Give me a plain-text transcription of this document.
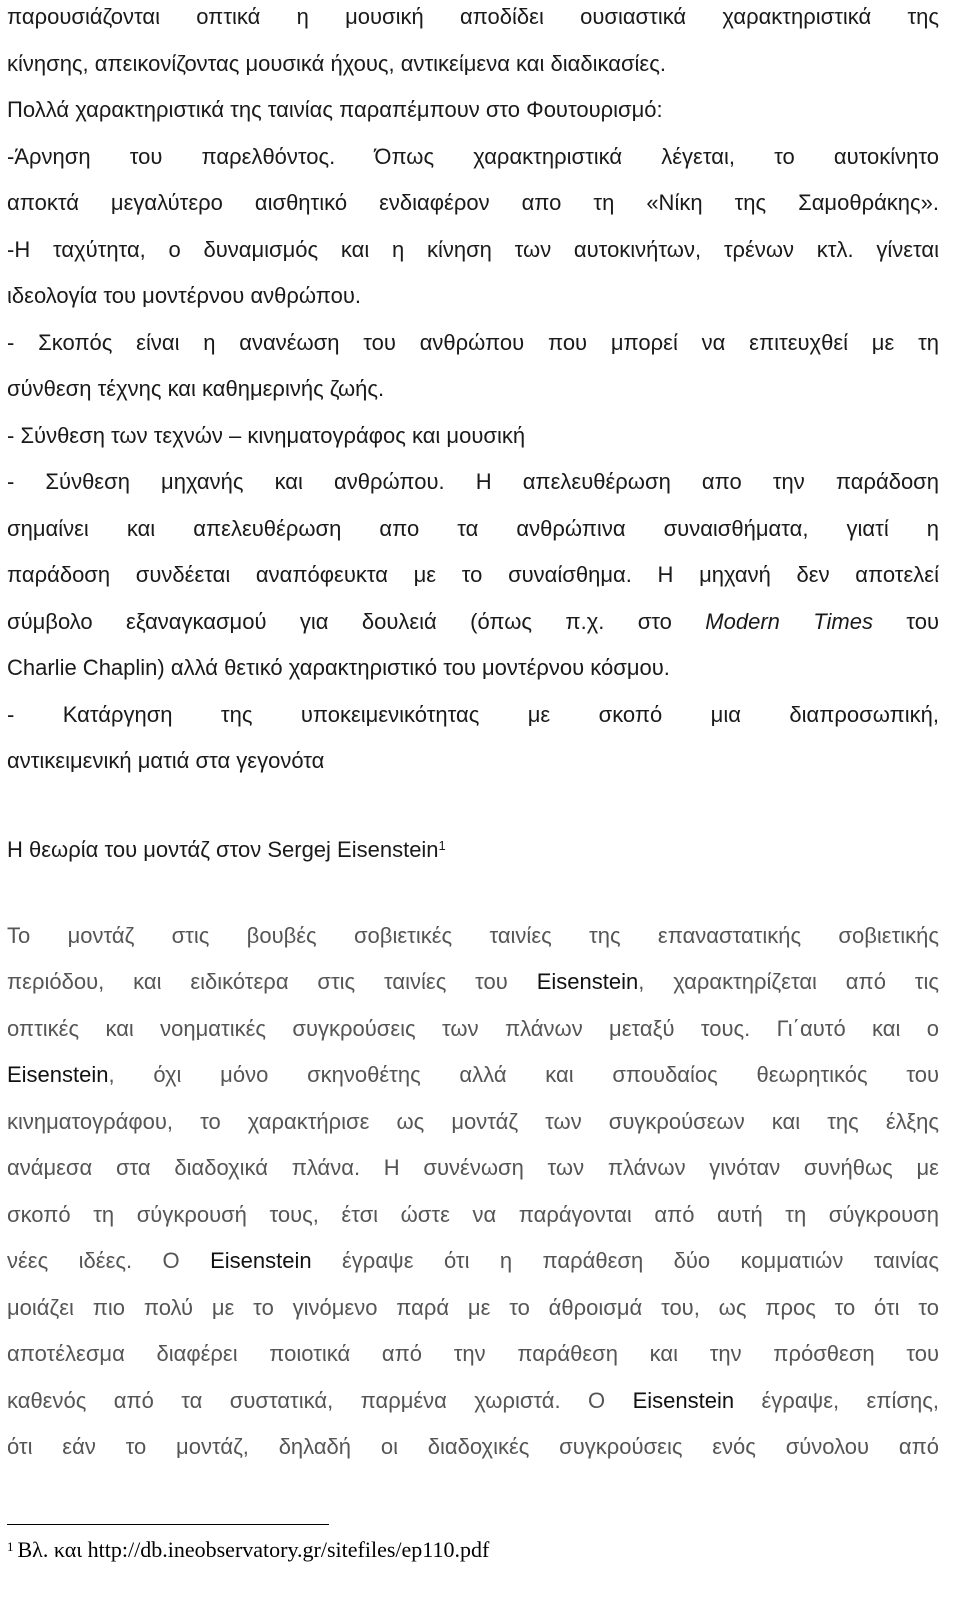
παρουσιάζονται οπτικά η μουσική αποδίδει ουσιαστικά χαρακτηριστικά της
κίνησης, απεικονίζοντας μουσικά ήχους, αντικείμενα και διαδικασίες.
Πολλά χαρακτηριστικά της ταινίας παραπέμπουν στο Φουτουρισμό:
-Άρνηση του παρελθόντος. Όπως χαρακτηριστικά λέγεται, το αυτοκίνητο
αποκτά μεγαλύτερο αισθητικό ενδιαφέρον απο τη «Νίκη της Σαμοθράκης».
-Η ταχύτητα, ο δυναμισμός και η κίνηση των αυτοκινήτων, τρένων κτλ. γίνεται
ιδεολογία του μοντέρνου ανθρώπου.
- Σκοπός είναι η ανανέωση του ανθρώπου που μπορεί να επιτευχθεί με τη
σύνθεση τέχνης και καθημερινής ζωής.
- Σύνθεση των τεχνών – κινηματογράφος και μουσική
- Σύνθεση μηχανής και ανθρώπου. Η απελευθέρωση απο την παράδοση
σημαίνει και απελευθέρωση απο τα ανθρώπινα συναισθήματα, γιατί η
παράδοση συνδέεται αναπόφευκτα με το συναίσθημα. Η μηχανή δεν αποτελεί
σύμβολο εξαναγκασμού για δουλειά (όπως π.χ. στο Modern Times του
Charlie Chaplin) αλλά θετικό χαρακτηριστικό του μοντέρνου κόσμου.
- Κατάργηση της υποκειμενικότητας με σκοπό μια διαπροσωπική,
αντικειμενική ματιά στα γεγονότα
Η θεωρία του μοντάζ στον Sergej Eisenstein$^1$
Το μοντάζ στις βουβές σοβιετικές ταινίες της επαναστατικής σοβιετικής
περιόδου, και ειδικότερα στις ταινίες του Eisenstein, χαρακτηρίζεται από τις
οπτικές και νοηματικές συγκρούσεις των πλάνων μεταξύ τους. Γι΄αυτό και ο
Eisenstein, όχι μόνο σκηνοθέτης αλλά και σπουδαίος θεωρητικός του
κινηματογράφου, το χαρακτήρισε ως μοντάζ των συγκρούσεων και της έλξης
ανάμεσα στα διαδοχικά πλάνα. Η συνένωση των πλάνων γινόταν συνήθως με
σκοπό τη σύγκρουσή τους, έτσι ώστε να παράγονται από αυτή τη σύγκρουση
νέες ιδέες. Ο Eisenstein έγραψε ότι η παράθεση δύο κομματιών ταινίας
μοιάζει πιο πολύ με το γινόμενο παρά με το άθροισμά του, ως προς το ότι το
αποτέλεσμα διαφέρει ποιοτικά από την παράθεση και την πρόσθεση του
καθενός από τα συστατικά, παρμένα χωριστά. Ο Eisenstein έγραψε, επίσης,
ότι εάν το μοντάζ, δηλαδή οι διαδοχικές συγκρούσεις ενός σύνολου από
$^1$ Βλ. και http://db.ineobservatory.gr/sitefiles/ep110.pdf
